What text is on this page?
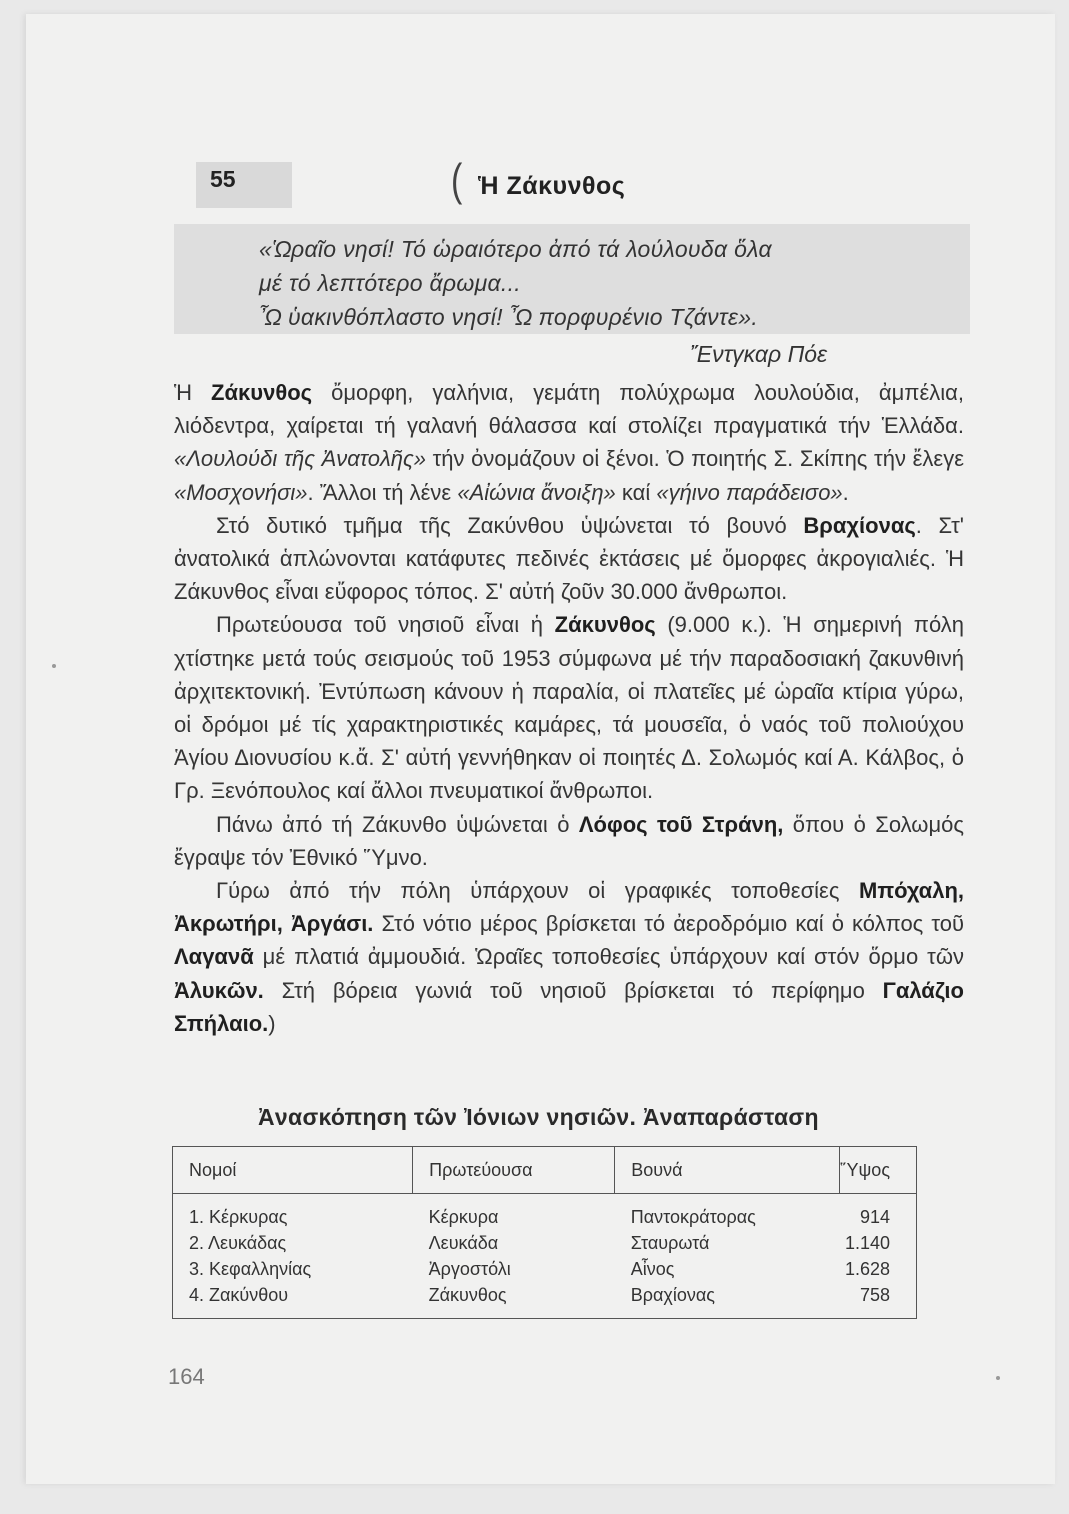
55	( Ἡ Ζάκυνθος
«Ὡραῖο νησί! Τό ὡραιότερο ἀπό τά λούλουδα ὅλα
μέ τό λεπτότερο ἄρωμα...
Ὦ ὑακινθόπλαστο νησί! Ὦ πορφυρένιο Τζάντε».
Ἔντγκαρ Πόε

Ἡ Ζάκυνθος ὄμορφη, γαλήνια, γεμάτη πολύχρωμα λουλούδια, ἀμπέλια, λιόδεντρα, χαίρεται τή γαλανή θάλασσα καί στολίζει πραγματικά τήν Ἑλλάδα. «Λουλούδι τῆς Ἀνατολῆς» τήν ὀνομάζουν οἱ ξένοι. Ὁ ποιητής Σ. Σκίπης τήν ἔλεγε «Μοσχονήσι». Ἄλλοι τή λένε «Αἰώνια ἄνοιξη» καί «γήινο παράδεισο».

Στό δυτικό τμῆμα τῆς Ζακύνθου ὑψώνεται τό βουνό Βραχίονας. Στ' ἀνατολικά ἁπλώνονται κατάφυτες πεδινές ἐκτάσεις μέ ὄμορφες ἀκρογιαλιές. Ἡ Ζάκυνθος εἶναι εὔφορος τόπος. Σ' αὐτή ζοῦν 30.000 ἄνθρωποι.

Πρωτεύουσα τοῦ νησιοῦ εἶναι ἡ Ζάκυνθος (9.000 κ.). Ἡ σημερινή πόλη χτίστηκε μετά τούς σεισμούς τοῦ 1953 σύμφωνα μέ τήν παραδοσιακή ζακυνθινή ἀρχιτεκτονική. Ἐντύπωση κάνουν ἡ παραλία, οἱ πλατεῖες μέ ὡραῖα κτίρια γύρω, οἱ δρόμοι μέ τίς χαρακτηριστικές καμάρες, τά μουσεῖα, ὁ ναός τοῦ πολιούχου Ἁγίου Διονυσίου κ.ἄ. Σ' αὐτή γεννήθηκαν οἱ ποιητές Δ. Σολωμός καί Α. Κάλβος, ὁ Γρ. Ξενόπουλος καί ἄλλοι πνευματικοί ἄνθρωποι.

Πάνω ἀπό τή Ζάκυνθο ὑψώνεται ὁ Λόφος τοῦ Στράνη, ὅπου ὁ Σολωμός ἔγραψε τόν Ἐθνικό Ὕμνο.

Γύρω ἀπό τήν πόλη ὑπάρχουν οἱ γραφικές τοποθεσίες Μπόχαλη, Ἀκρωτήρι, Ἀργάσι. Στό νότιο μέρος βρίσκεται τό ἀεροδρόμιο καί ὁ κόλπος τοῦ Λαγανᾶ μέ πλατιά ἀμμουδιά. Ὡραῖες τοποθεσίες ὑπάρχουν καί στόν ὅρμο τῶν Ἀλυκῶν. Στή βόρεια γωνιά τοῦ νησιοῦ βρίσκεται τό περίφημο Γαλάζιο Σπήλαιο.)

Ἀνασκόπηση τῶν Ἰόνιων νησιῶν. Ἀναπαράσταση
Νομοί	Πρωτεύουσα	Βουνά	Ὕψος
1. Κέρκυρας	Κέρκυρα	Παντοκράτορας	914
2. Λευκάδας	Λευκάδα	Σταυρωτά	1.140
3. Κεφαλληνίας	Ἀργοστόλι	Αἶνος	1.628
4. Ζακύνθου	Ζάκυνθος	Βραχίονας	758
164
